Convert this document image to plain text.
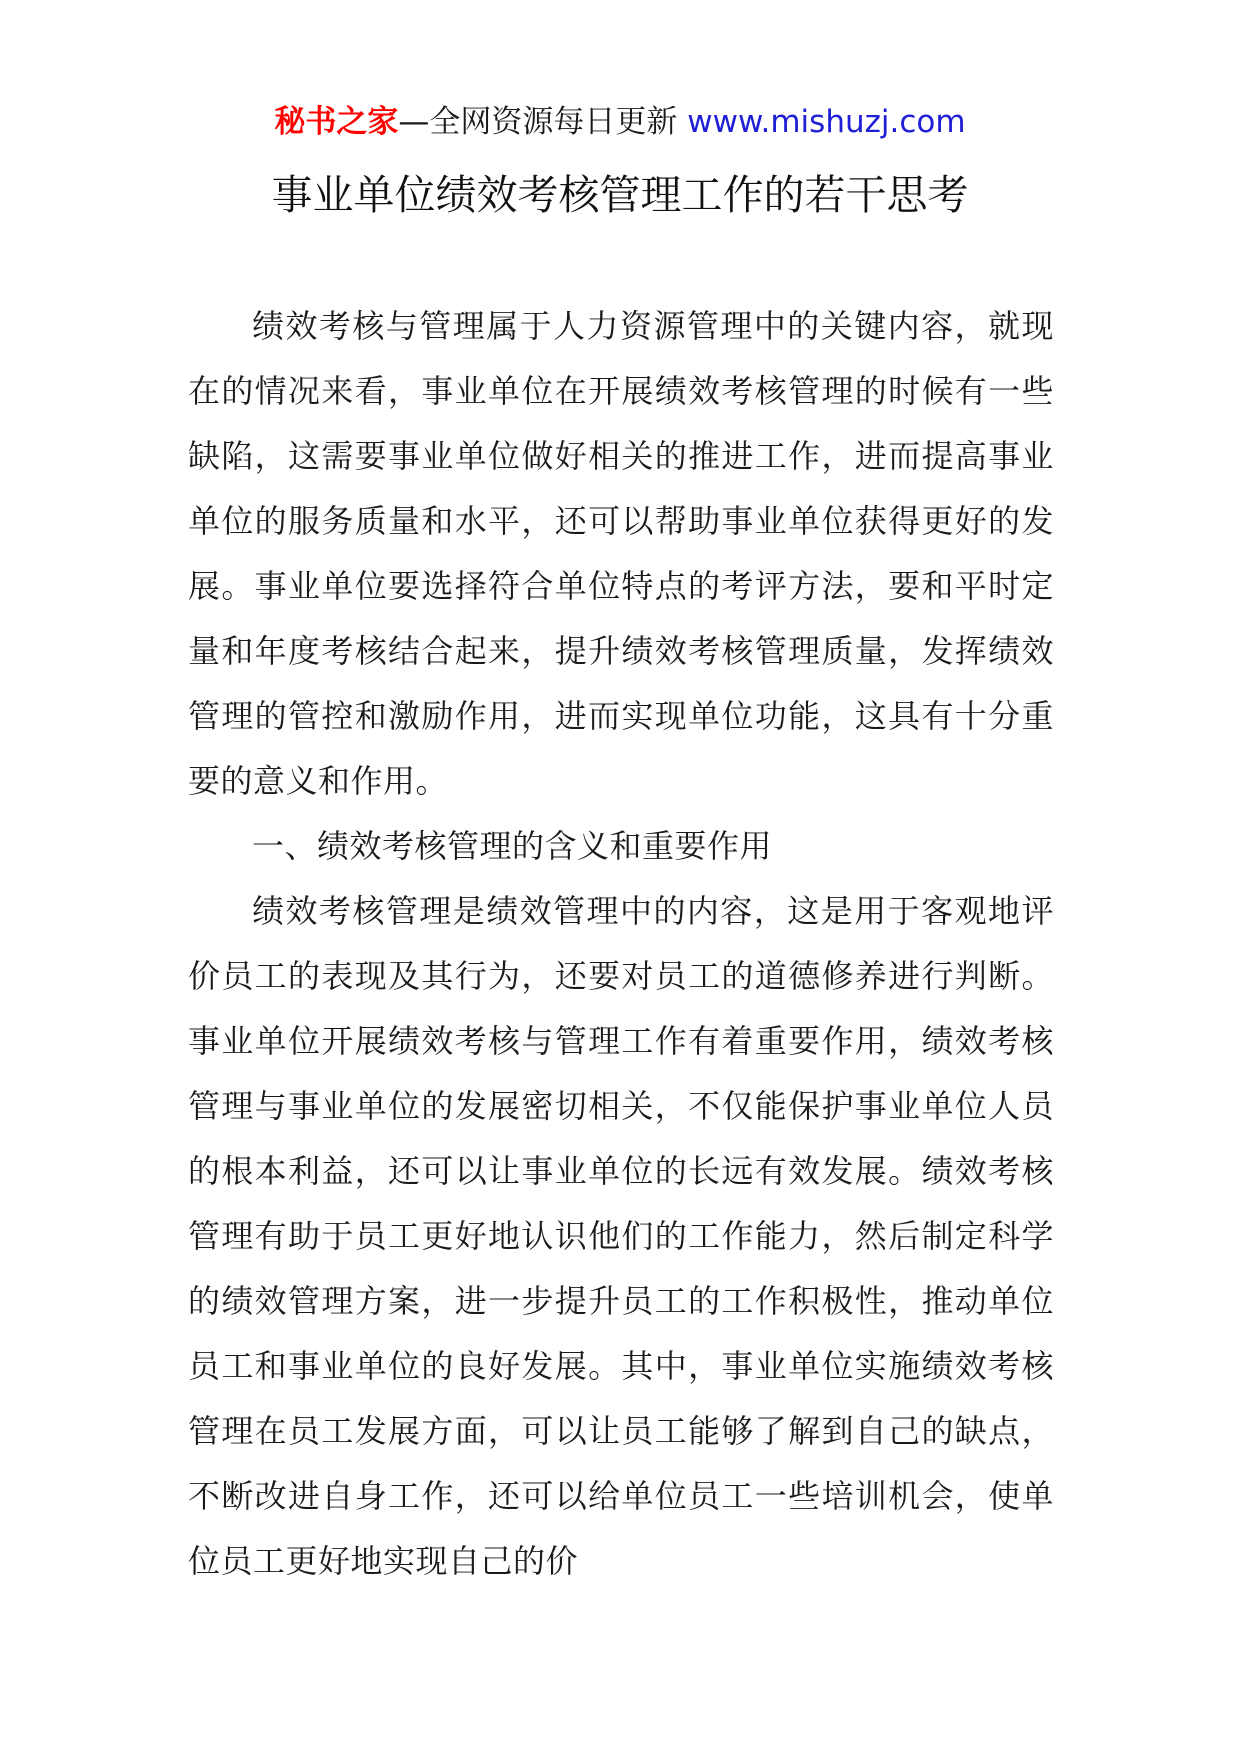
秘书之家—全网资源每日更新 www.mishuzj.com
事业单位绩效考核管理工作的若干思考

绩效考核与管理属于人力资源管理中的关键内容，就现在的情况来看，事业单位在开展绩效考核管理的时候有一些缺陷，这需要事业单位做好相关的推进工作，进而提高事业单位的服务质量和水平，还可以帮助事业单位获得更好的发展。事业单位要选择符合单位特点的考评方法，要和平时定量和年度考核结合起来，提升绩效考核管理质量，发挥绩效管理的管控和激励作用，进而实现单位功能，这具有十分重要的意义和作用。

一、绩效考核管理的含义和重要作用

绩效考核管理是绩效管理中的内容，这是用于客观地评价员工的表现及其行为，还要对员工的道德修养进行判断。事业单位开展绩效考核与管理工作有着重要作用，绩效考核管理与事业单位的发展密切相关，不仅能保护事业单位人员的根本利益，还可以让事业单位的长远有效发展。绩效考核管理有助于员工更好地认识他们的工作能力，然后制定科学的绩效管理方案，进一步提升员工的工作积极性，推动单位员工和事业单位的良好发展。其中，事业单位实施绩效考核管理在员工发展方面，可以让员工能够了解到自己的缺点，不断改进自身工作，还可以给单位员工一些培训机会，使单位员工更好地实现自己的价
